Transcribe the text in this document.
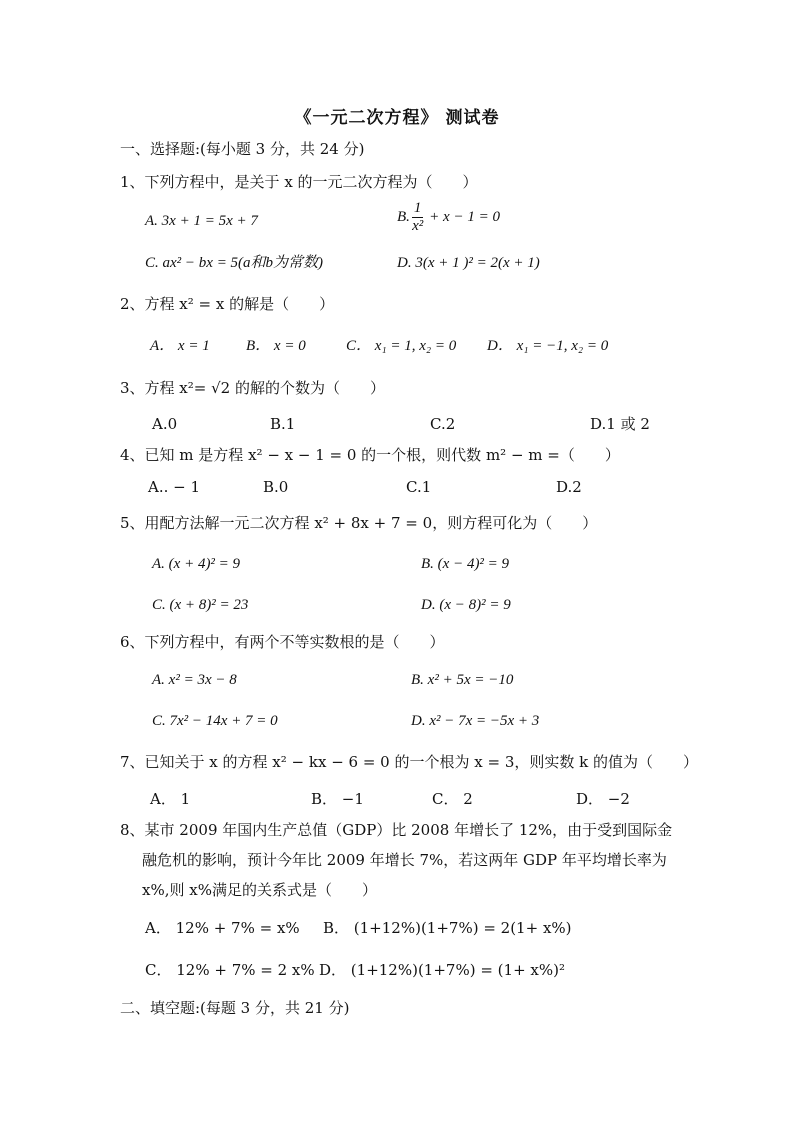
《一元二次方程》 测试卷
一、选择题:(每小题 3 分，共 24 分)
1、下列方程中，是关于 x 的一元二次方程为（　　）
A. 3x + 1 = 5x + 7	B. $\frac{1}{\text{x²}} + x - 1 = 0$
C. ax² − bx = 5(a和b为常数)	D. 3(x + 1 )² = 2(x + 1)
2、方程 x² = x 的解是（　　）
A． x = 1 B． x = 0	C． x₁ = 1, x₂ = 0 D． x₁ = −1, x₂ = 0
3、方程 x²= √2 的解的个数为（　　）
A.0	B.1	C.2	D.1 或 2
4、已知 m 是方程 x² − x − 1 = 0 的一个根，则代数 m² − m =（　　）
A.. − 1	B.0	C.1	D.2
5、用配方法解一元二次方程 x² + 8x + 7 = 0，则方程可化为（　　）
A. (x + 4)² = 9	B. (x − 4)² = 9
C. (x + 8)² = 23	D. (x − 8)² = 9
6、下列方程中，有两个不等实数根的是（　　）
A. x² = 3x − 8	B. x² + 5x = −10
C. 7x² − 14x + 7 = 0	D. x² − 7x = −5x + 3
7、已知关于 x 的方程 x² − kx − 6 = 0 的一个根为 x = 3，则实数 k 的值为（　　）
A． 1	B． −1	C． 2	D． −2
8、某市 2009 年国内生产总值（GDP）比 2008 年增长了 12%，由于受到国际金
融危机的影响，预计今年比 2009 年增长 7%，若这两年 GDP 年平均增长率为
x%,则 x%满足的关系式是（　　）
A． 12% + 7% = x% B． (1+12%)(1+7%) = 2(1+ x%)
C． 12% + 7% = 2 x% D． (1+12%)(1+7%) = (1+ x%)²
二、填空题:(每题 3 分，共 21 分)
